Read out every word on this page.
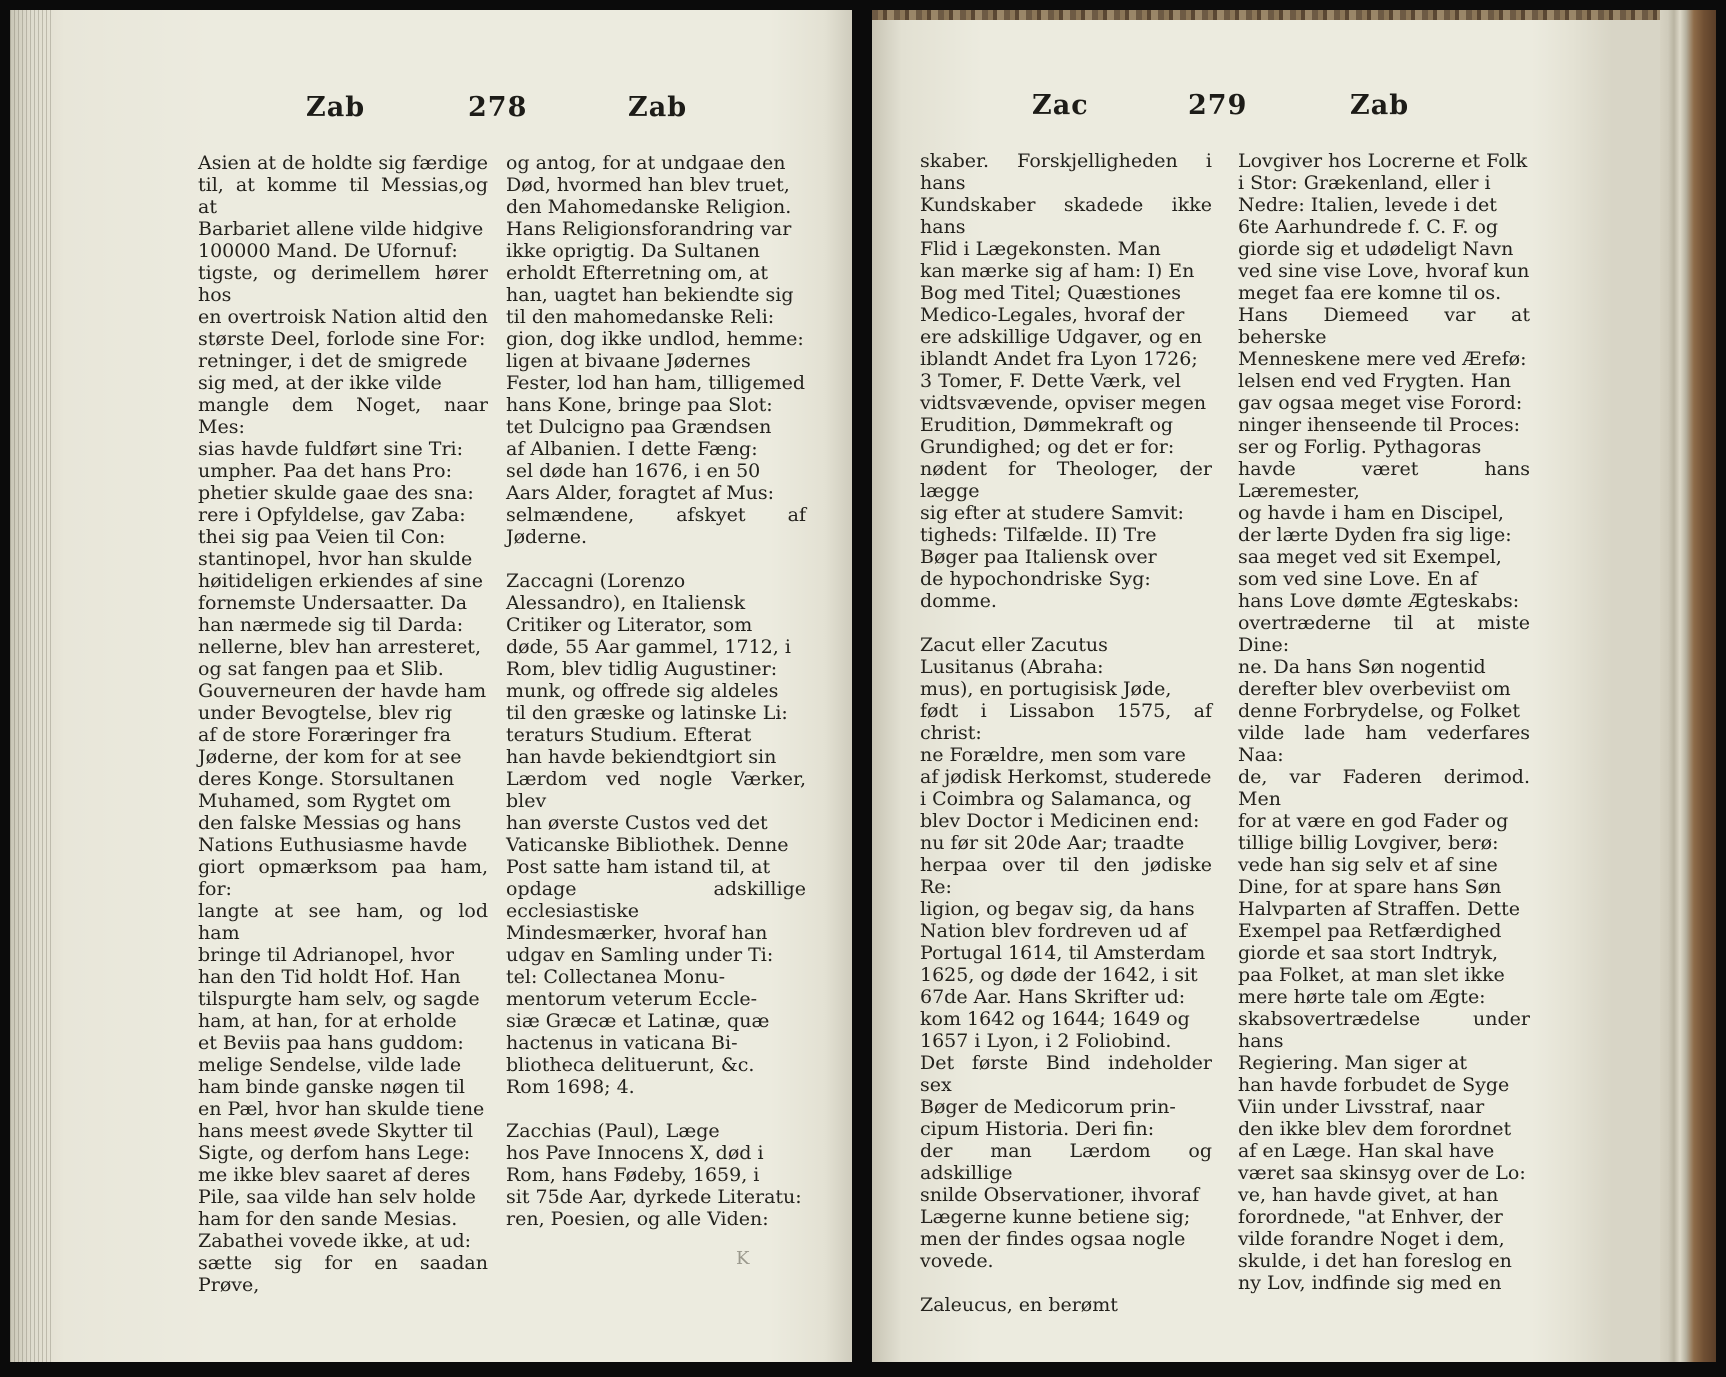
Zab	278	Zab

Asien at de holdte sig færdige
til, at komme til Messias,og at
Barbariet allene vilde hidgive
100000 Mand. De Ufornuf:
tigste, og derimellem hører hos
en overtroisk Nation altid den
største Deel, forlode sine For:
retninger, i det de smigrede
sig med, at der ikke vilde
mangle dem Noget, naar Mes:
sias havde fuldført sine Tri:
umpher. Paa det hans Pro:
phetier skulde gaae des sna:
rere i Opfyldelse, gav Zaba:
thei sig paa Veien til Con:
stantinopel, hvor han skulde
høitideligen erkiendes af sine
fornemste Undersaatter. Da
han nærmede sig til Darda:
nellerne, blev han arresteret,
og sat fangen paa et Slib.
Gouverneuren der havde ham
under Bevogtelse, blev rig
af de store Foræringer fra
Jøderne, der kom for at see
deres Konge. Storsultanen
Muhamed, som Rygtet om
den falske Messias og hans
Nations Euthusiasme havde
giort opmærksom paa ham, for:
langte at see ham, og lod ham
bringe til Adrianopel, hvor
han den Tid holdt Hof. Han
tilspurgte ham selv, og sagde
ham, at han, for at erholde
et Beviis paa hans guddom:
melige Sendelse, vilde lade
ham binde ganske nøgen til
en Pæl, hvor han skulde tiene
hans meest øvede Skytter til
Sigte, og derfom hans Lege:
me ikke blev saaret af deres
Pile, saa vilde han selv holde
ham for den sande Mesias.
Zabathei vovede ikke, at ud:
sætte sig for en saadan Prøve,

og antog, for at undgaae den
Død, hvormed han blev truet,
den Mahomedanske Religion.
Hans Religionsforandring var
ikke oprigtig. Da Sultanen
erholdt Efterretning om, at
han, uagtet han bekiendte sig
til den mahomedanske Reli:
gion, dog ikke undlod, hemme:
ligen at bivaane Jødernes
Fester, lod han ham, tilligemed
hans Kone, bringe paa Slot:
tet Dulcigno paa Grændsen
af Albanien. I dette Fæng:
sel døde han 1676, i en 50
Aars Alder, foragtet af Mus:
selmændene, afskyet af Jøderne.

Zaccagni (Lorenzo
Alessandro), en Italiensk
Critiker og Literator, som
døde, 55 Aar gammel, 1712, i
Rom, blev tidlig Augustiner:
munk, og offrede sig aldeles
til den græske og latinske Li:
teraturs Studium. Efterat
han havde bekiendtgiort sin
Lærdom ved nogle Værker, blev
han øverste Custos ved det
Vaticanske Bibliothek. Denne
Post satte ham istand til, at
opdage adskillige ecclesiastiske
Mindesmærker, hvoraf han
udgav en Samling under Ti:
tel: Collectanea Monu-
mentorum veterum Eccle-
siæ Græcæ et Latinæ, quæ
hactenus in vaticana Bi-
bliotheca delituerunt, &c.
Rom 1698; 4.

Zacchias (Paul), Læge
hos Pave Innocens X, død i
Rom, hans Fødeby, 1659, i
sit 75de Aar, dyrkede Literatu:
ren, Poesien, og alle Viden:

K
Zac	279	Zab

skaber. Forskjelligheden i hans
Kundskaber skadede ikke hans
Flid i Lægekonsten. Man
kan mærke sig af ham: I) En
Bog med Titel; Quæstiones
Medico-Legales, hvoraf der
ere adskillige Udgaver, og en
iblandt Andet fra Lyon 1726;
3 Tomer, F. Dette Værk, vel
vidtsvævende, opviser megen
Erudition, Dømmekraft og
Grundighed; og det er for:
nødent for Theologer, der lægge
sig efter at studere Samvit:
tigheds: Tilfælde. II) Tre
Bøger paa Italiensk over
de hypochondriske Syg:
domme.

Zacut eller Zacutus
Lusitanus (Abraha:
mus), en portugisisk Jøde,
født i Lissabon 1575, af christ:
ne Forældre, men som vare
af jødisk Herkomst, studerede
i Coimbra og Salamanca, og
blev Doctor i Medicinen end:
nu før sit 20de Aar; traadte
herpaa over til den jødiske Re:
ligion, og begav sig, da hans
Nation blev fordreven ud af
Portugal 1614, til Amsterdam
1625, og døde der 1642, i sit
67de Aar. Hans Skrifter ud:
kom 1642 og 1644; 1649 og
1657 i Lyon, i 2 Foliobind.
Det første Bind indeholder sex
Bøger de Medicorum prin-
cipum Historia. Deri fin:
der man Lærdom og adskillige
snilde Observationer, ihvoraf
Lægerne kunne betiene sig;
men der findes ogsaa nogle
vovede.

Zaleucus, en berømt

Lovgiver hos Locrerne et Folk
i Stor: Grækenland, eller i
Nedre: Italien, levede i det
6te Aarhundrede f. C. F. og
giorde sig et udødeligt Navn
ved sine vise Love, hvoraf kun
meget faa ere komne til os.
Hans Diemeed var at beherske
Menneskene mere ved Ærefø:
lelsen end ved Frygten. Han
gav ogsaa meget vise Forord:
ninger ihenseende til Proces:
ser og Forlig. Pythagoras
havde været hans Læremester,
og havde i ham en Discipel,
der lærte Dyden fra sig lige:
saa meget ved sit Exempel,
som ved sine Love. En af
hans Love dømte Ægteskabs:
overtræderne til at miste Dine:
ne. Da hans Søn nogentid
derefter blev overbeviist om
denne Forbrydelse, og Folket
vilde lade ham vederfares Naa:
de, var Faderen derimod. Men
for at være en god Fader og
tillige billig Lovgiver, berø:
vede han sig selv et af sine
Dine, for at spare hans Søn
Halvparten af Straffen. Dette
Exempel paa Retfærdighed
giorde et saa stort Indtryk,
paa Folket, at man slet ikke
mere hørte tale om Ægte:
skabsovertrædelse under hans
Regiering. Man siger at
han havde forbudet de Syge
Viin under Livsstraf, naar
den ikke blev dem forordnet
af en Læge. Han skal have
været saa skinsyg over de Lo:
ve, han havde givet, at han
forordnede, "at Enhver, der
vilde forandre Noget i dem,
skulde, i det han foreslog en
ny Lov, indfinde sig med en
